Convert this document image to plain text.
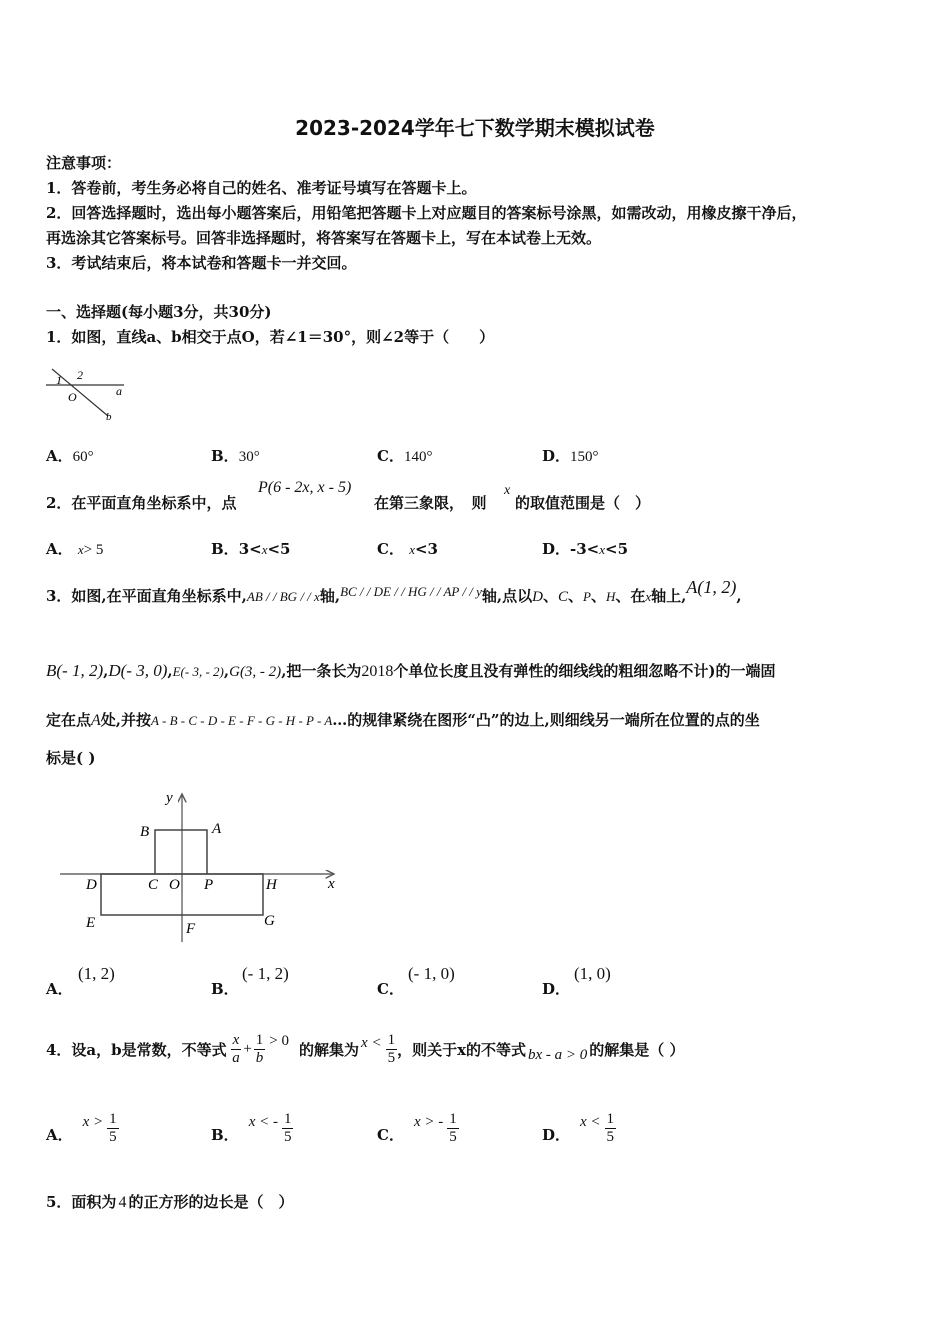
2023-2024学年七下数学期末模拟试卷
注意事项：
1．答卷前，考生务必将自己的姓名、准考证号填写在答题卡上。
2．回答选择题时，选出每小题答案后，用铅笔把答题卡上对应题目的答案标号涂黑，如需改动，用橡皮擦干净后，
再选涂其它答案标号。回答非选择题时，将答案写在答题卡上，写在本试卷上无效。
3．考试结束后，将本试卷和答题卡一并交回。
一、选择题(每小题3分，共30分)
1．如图，直线a、b相交于点O，若∠1＝30°，则∠2等于（　　）
1 2
O	a
b
A．60°	B．30°	C．140°	D．150°
2．在平面直角坐标系中，点
P(6 - 2x, x - 5)
在第三象限，　则
x
的取值范围是（　）
A． x> 5	B．3<x<5	C． x<3	D．-3<x<5
3．如图,在平面直角坐标系中, AB / / BG / / x 轴, BC / / DE / / HG / / AP / / y 轴,点以 D 、 C 、 P 、 H 、在 x 轴上, A(1, 2) ,
B(- 1, 2) , D(- 3, 0) , E(- 3, - 2) , G(3, - 2) ,把一条长为 2018 个单位长度且没有弹性的细线线的粗细忽略不计)的一端固
定在点 A 处,并按 A - B - C - D - E - F - G - H - P - A …的规律紧绕在图形“凸”的边上,则细线另一端所在位置的点的坐
标是( )
y
x
A
B
C O P
D	H
E	F	G
A．
(1, 2)
B．
(- 1, 2)
C．
(- 1, 0)
D．
(1, 0)
4．设a，b是常数，不等式 $\frac{x}{a} + \frac{1}{b} > 0$ 的解集为 $x < \frac{1}{5}$ ，则关于x的不等式 bx - a > 0 的解集是（ ）
A．
$x > \frac{1}{5}$	B．
x < - $\frac{1}{5}$	C．
x > - $\frac{1}{5}$	D．
$x < \frac{1}{5}$
5．面积为 4 的正方形的边长是（　）
